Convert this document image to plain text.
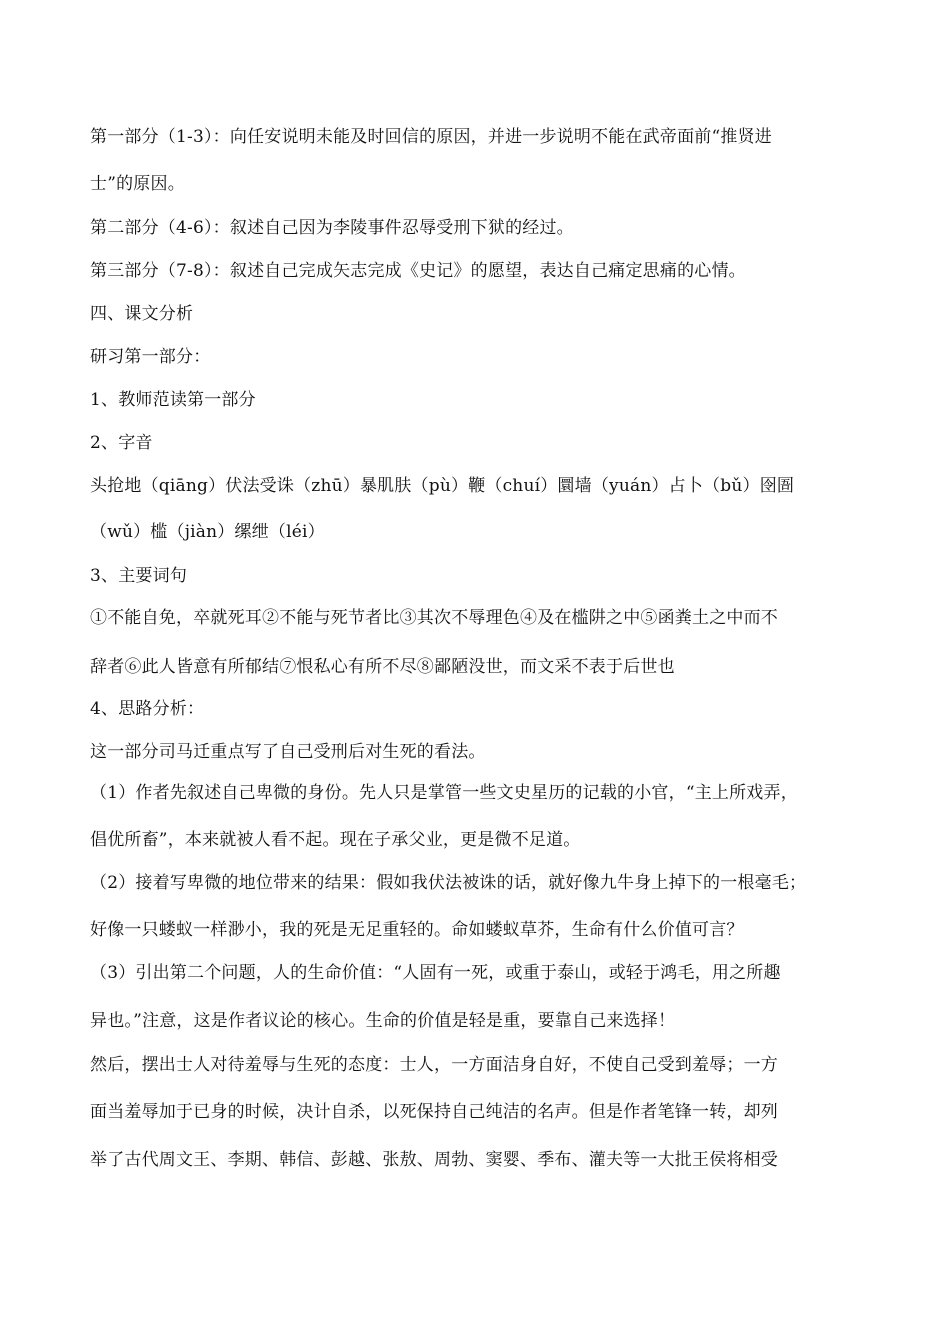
第一部分（1-3）：向任安说明未能及时回信的原因，并进一步说明不能在武帝面前“推贤进
士”的原因。
第二部分（4-6）：叙述自己因为李陵事件忍辱受刑下狱的经过。
第三部分（7-8）：叙述自己完成矢志完成《史记》的愿望，表达自己痛定思痛的心情。
四、课文分析
研习第一部分：
1、教师范读第一部分
2、字音
头抢地（qiāng）伏法受诛（zhū）暴肌肤（pù）鞭（chuí）圜墙（yuán）占卜（bǔ）囹圄
（wǔ）槛（jiàn）缧绁（léi）
3、主要词句
①不能自免，卒就死耳②不能与死节者比③其次不辱理色④及在槛阱之中⑤函粪土之中而不
辞者⑥此人皆意有所郁结⑦恨私心有所不尽⑧鄙陋没世，而文采不表于后世也
4、思路分析：
这一部分司马迁重点写了自己受刑后对生死的看法。
（1）作者先叙述自己卑微的身份。先人只是掌管一些文史星历的记载的小官，“主上所戏弄，
倡优所畜”，本来就被人看不起。现在子承父业，更是微不足道。
（2）接着写卑微的地位带来的结果：假如我伏法被诛的话，就好像九牛身上掉下的一根毫毛；
好像一只蝼蚁一样渺小，我的死是无足重轻的。命如蝼蚁草芥，生命有什么价值可言？
（3）引出第二个问题，人的生命价值：“人固有一死，或重于泰山，或轻于鸿毛，用之所趣
异也。”注意，这是作者议论的核心。生命的价值是轻是重，要靠自己来选择！
然后，摆出士人对待羞辱与生死的态度：士人，一方面洁身自好，不使自己受到羞辱；一方
面当羞辱加于已身的时候，决计自杀，以死保持自己纯洁的名声。但是作者笔锋一转，却列
举了古代周文王、李期、韩信、彭越、张敖、周勃、窦婴、季布、灌夫等一大批王侯将相受
